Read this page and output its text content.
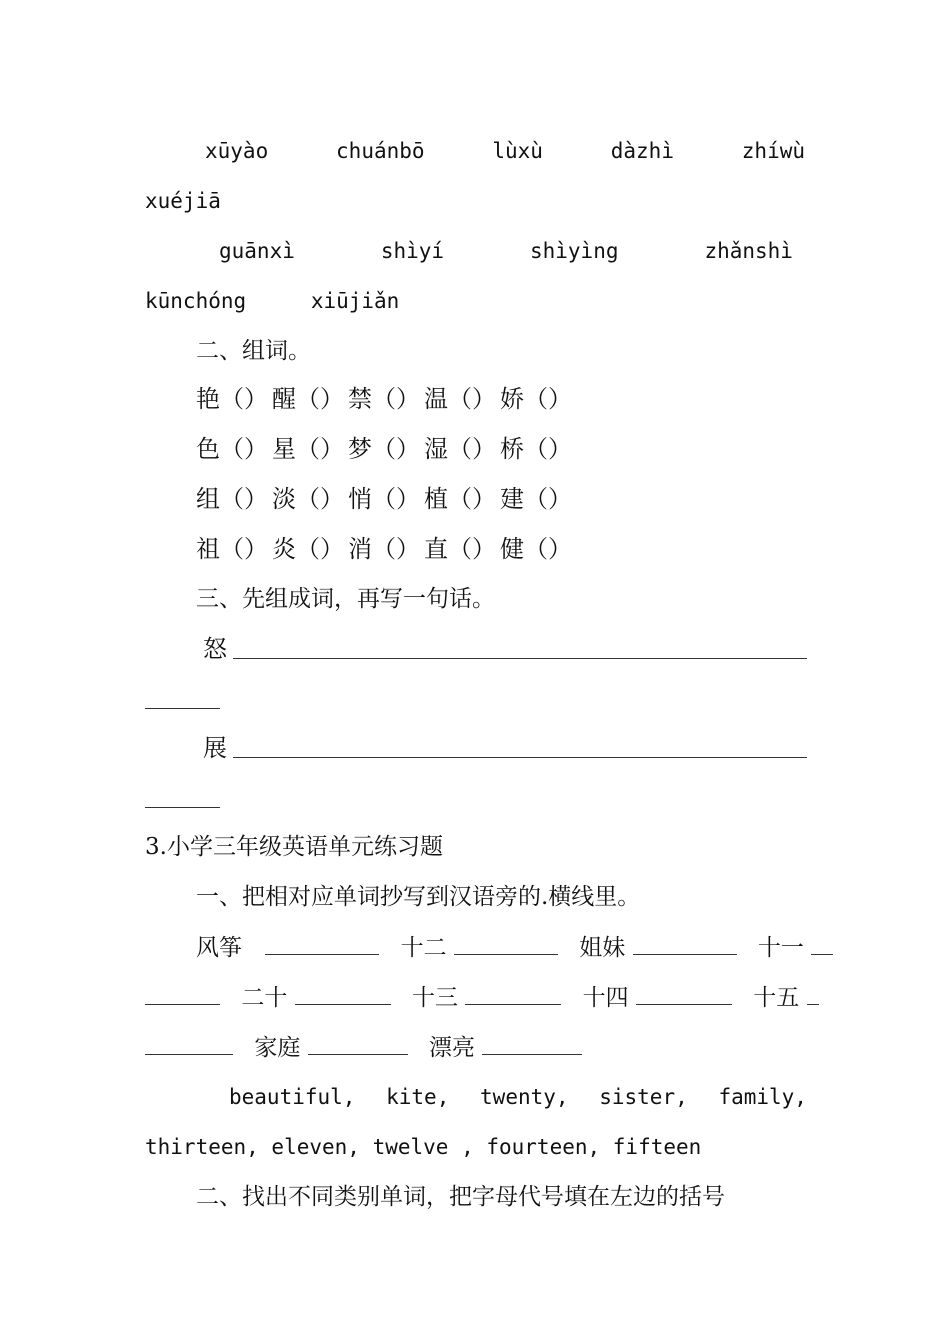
xūyào	chuánbō	lùxù	dàzhì	zhíwù
xuéjiā
guānxì	shìyí	shìyìng	zhǎnshì
kūnchóng	xiūjiǎn
二、组词。
艳（） 醒（） 禁（） 温（） 娇（）
色（） 星（） 梦（） 湿（） 桥（）
组（） 淡（） 悄（） 植（） 建（）
祖（） 炎（） 消（） 直（） 健（）
三、先组成词，再写一句话。
怒
展
3.小学三年级英语单元练习题
一、把相对应单词抄写到汉语旁的.横线里。
风筝	十二	姐妹	十一
二十	十三	十四	十五
家庭	漂亮
beautiful, kite, twenty, sister, family,
thirteen, eleven, twelve , fourteen, fifteen
二、找出不同类别单词，把字母代号填在左边的括号
